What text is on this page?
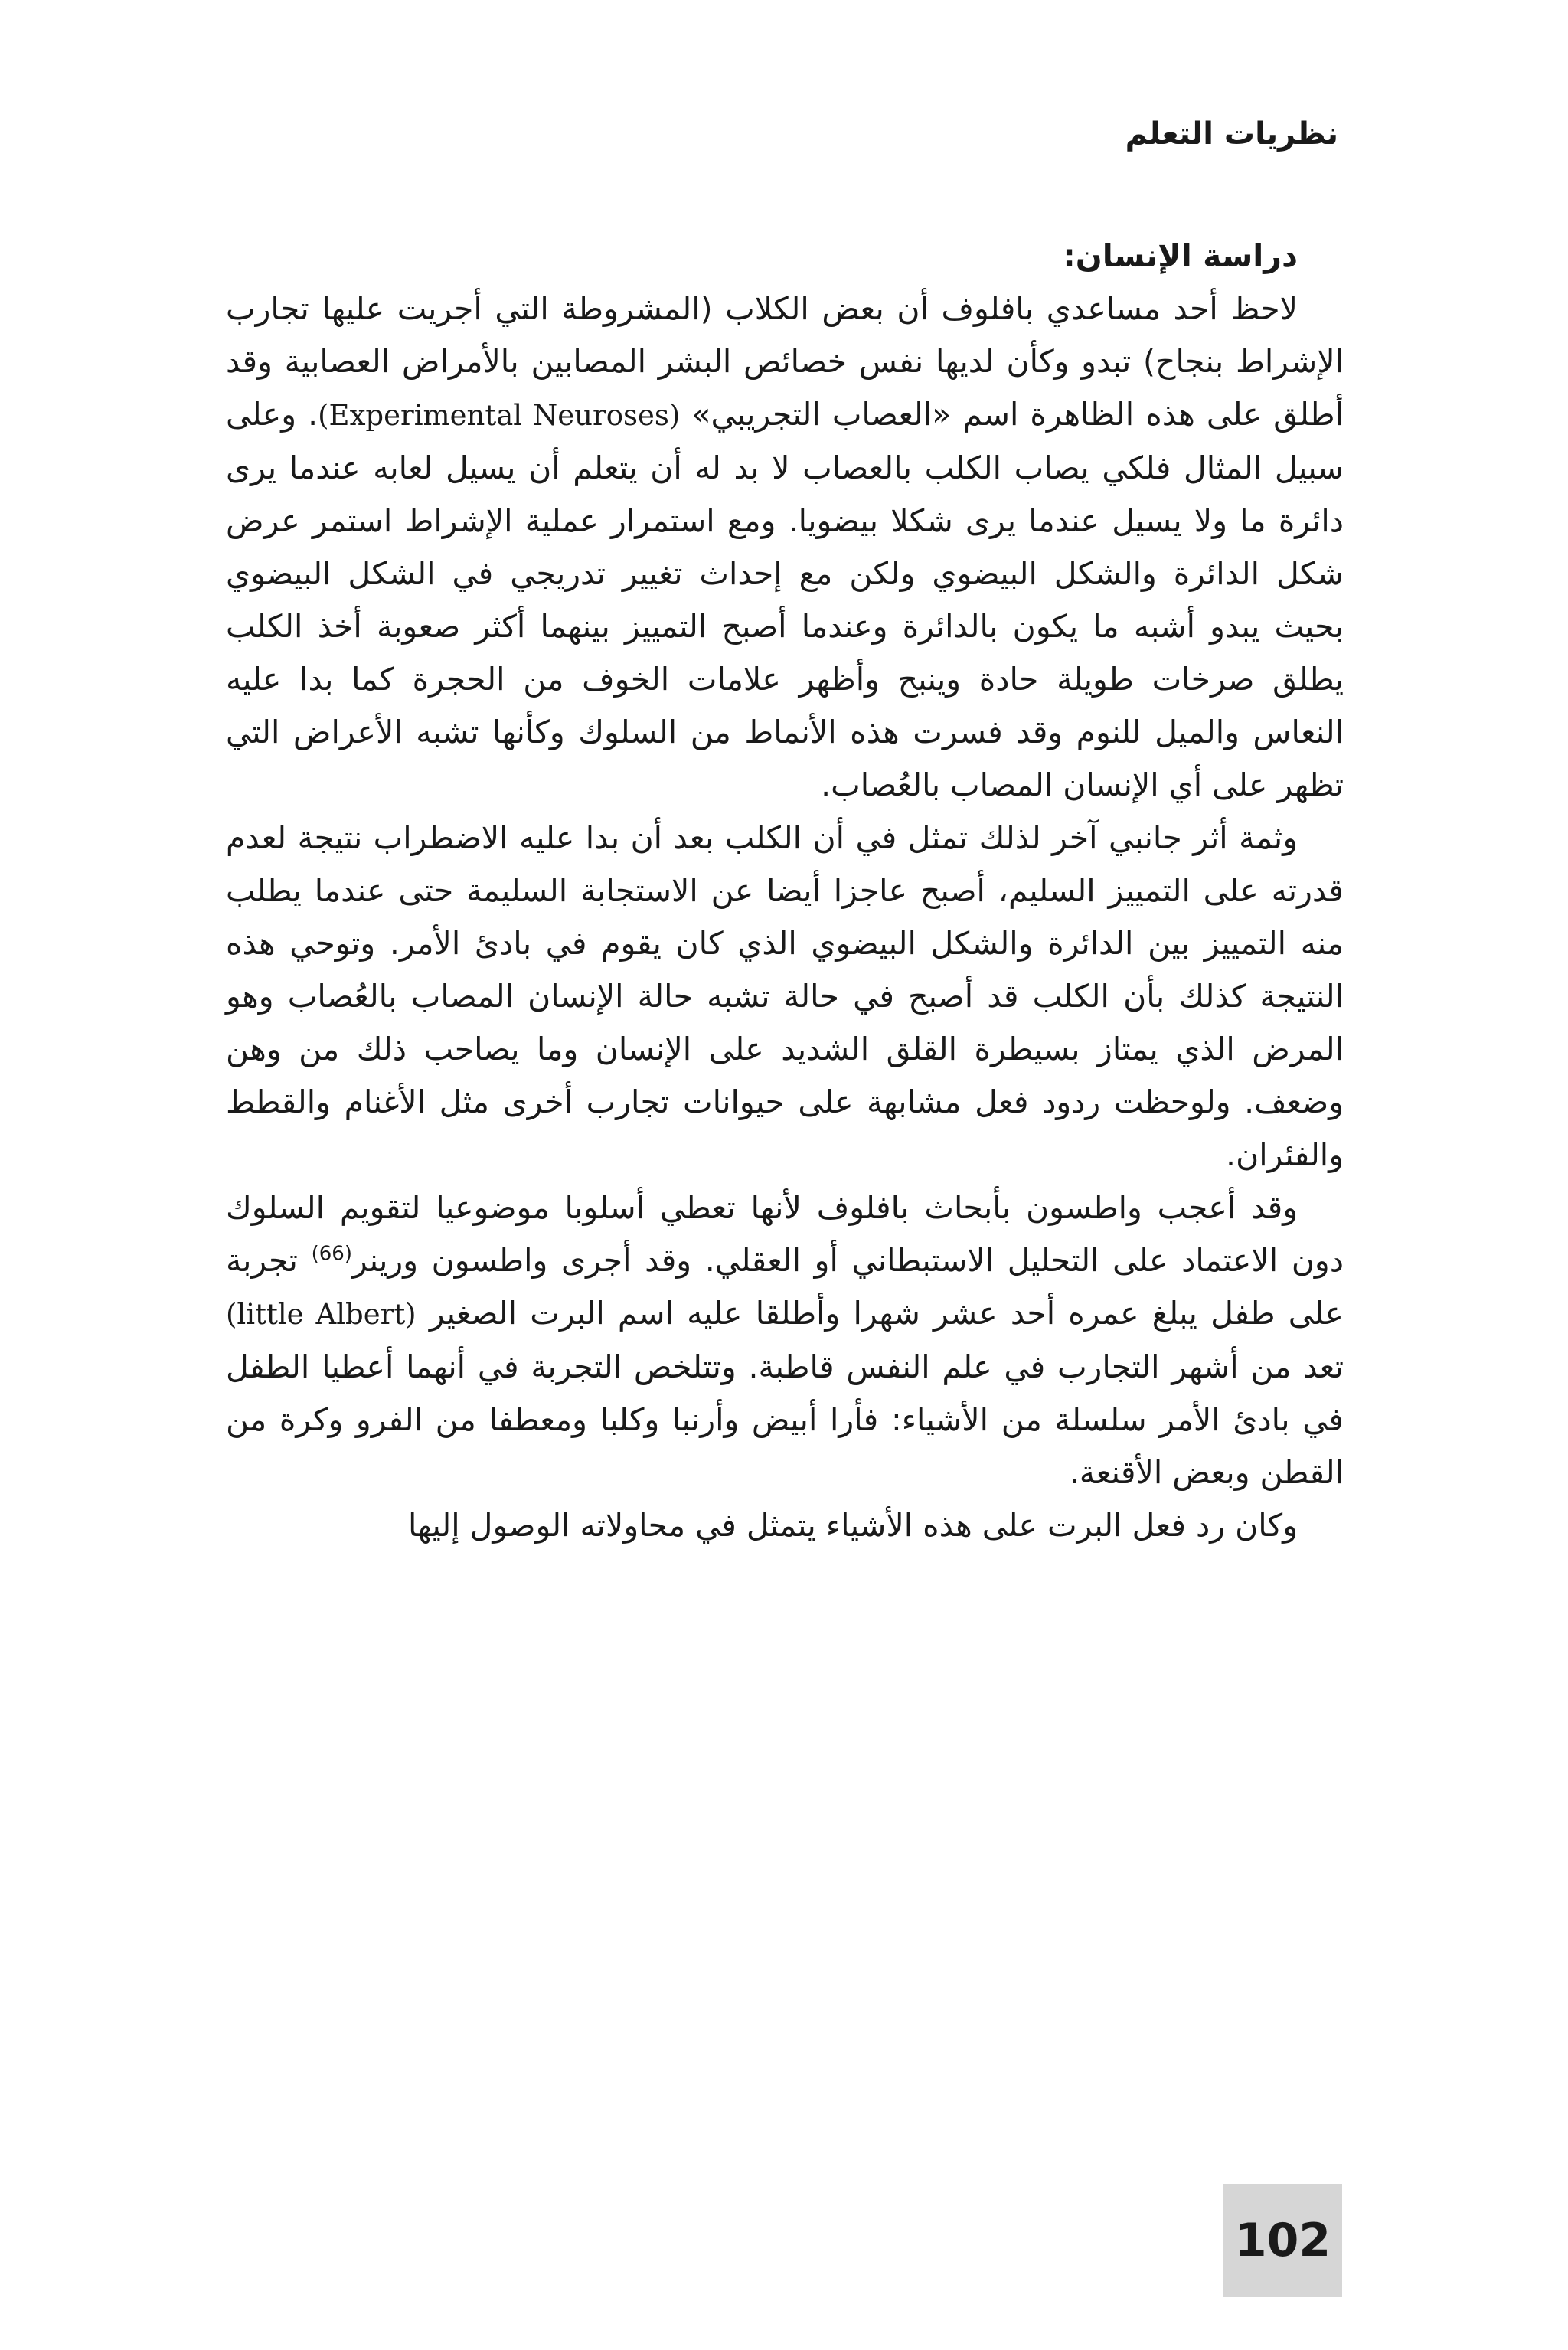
نظريات التعلم
دراسة الإنسان:

لاحظ أحد مساعدي بافلوف أن بعض الكلاب (المشروطة التي أجريت عليها تجارب الإشراط بنجاح) تبدو وكأن لديها نفس خصائص البشر المصابين بالأمراض العصابية وقد أطلق على هذه الظاهرة اسم «العصاب التجريبي» (Experimental Neuroses). وعلى سبيل المثال فلكي يصاب الكلب بالعصاب لا بد له أن يتعلم أن يسيل لعابه عندما يرى دائرة ما ولا يسيل عندما يرى شكلا بيضويا. ومع استمرار عملية الإشراط استمر عرض شكل الدائرة والشكل البيضوي ولكن مع إحداث تغيير تدريجي في الشكل البيضوي بحيث يبدو أشبه ما يكون بالدائرة وعندما أصبح التمييز بينهما أكثر صعوبة أخذ الكلب يطلق صرخات طويلة حادة وينبح وأظهر علامات الخوف من الحجرة كما بدا عليه النعاس والميل للنوم وقد فسرت هذه الأنماط من السلوك وكأنها تشبه الأعراض التي تظهر على أي الإنسان المصاب بالعُصاب.

وثمة أثر جانبي آخر لذلك تمثل في أن الكلب بعد أن بدا عليه الاضطراب نتيجة لعدم قدرته على التمييز السليم، أصبح عاجزا أيضا عن الاستجابة السليمة حتى عندما يطلب منه التمييز بين الدائرة والشكل البيضوي الذي كان يقوم في بادئ الأمر. وتوحي هذه النتيجة كذلك بأن الكلب قد أصبح في حالة تشبه حالة الإنسان المصاب بالعُصاب وهو المرض الذي يمتاز بسيطرة القلق الشديد على الإنسان وما يصاحب ذلك من وهن وضعف. ولوحظت ردود فعل مشابهة على حيوانات تجارب أخرى مثل الأغنام والقطط والفئران.

وقد أعجب واطسون بأبحاث بافلوف لأنها تعطي أسلوبا موضوعيا لتقويم السلوك دون الاعتماد على التحليل الاستبطاني أو العقلي. وقد أجرى واطسون ورينر$^{(66)}$ تجربة على طفل يبلغ عمره أحد عشر شهرا وأطلقا عليه اسم البرت الصغير (little Albert) تعد من أشهر التجارب في علم النفس قاطبة. وتتلخص التجربة في أنهما أعطيا الطفل في بادئ الأمر سلسلة من الأشياء: فأرا أبيض وأرنبا وكلبا ومعطفا من الفرو وكرة من القطن وبعض الأقنعة.

وكان رد فعل البرت على هذه الأشياء يتمثل في محاولاته الوصول إليها

102
